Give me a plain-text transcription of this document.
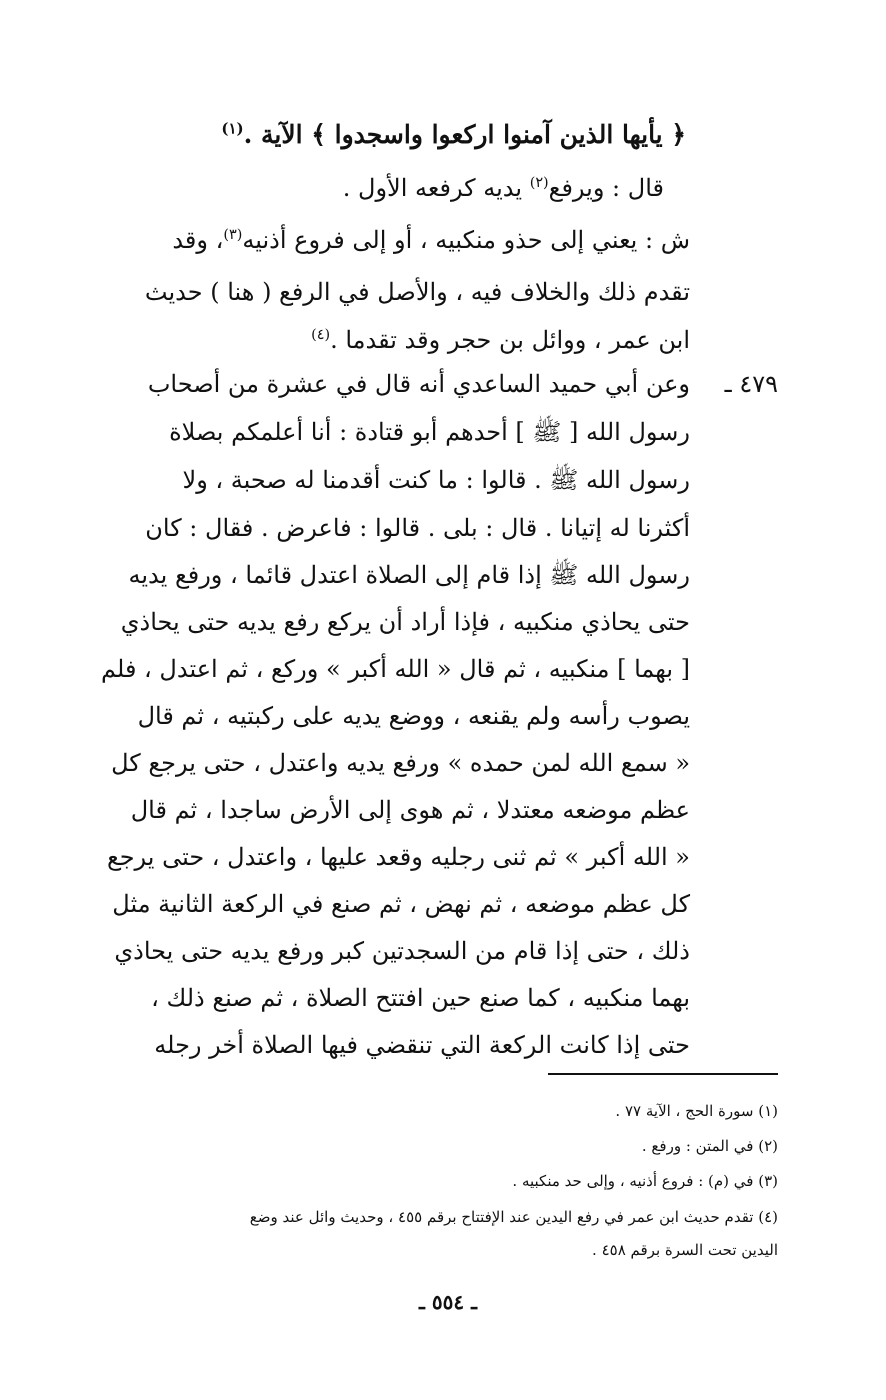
﴿ يأيها الذين آمنوا اركعوا واسجدوا ﴾ الآية .$^{(١)}$
قال : ويرفع$^{(٢)}$ يديه كرفعه الأول .
ش : يعني إلى حذو منكبيه ، أو إلى فروع أذنيه$^{(٣)}$، وقد
تقدم ذلك والخلاف فيه ، والأصل في الرفع ( هنا ) حديث
ابن عمر ، ووائل بن حجر وقد تقدما .$^{(٤)}$
٤٧٩ ـ
وعن أبي حميد الساعدي أنه قال في عشرة من أصحاب
رسول الله [ ﷺ ] أحدهم أبو قتادة : أنا أعلمكم بصلاة
رسول الله ﷺ . قالوا : ما كنت أقدمنا له صحبة ، ولا
أكثرنا له إتيانا . قال : بلى . قالوا : فاعرض . فقال : كان
رسول الله ﷺ إذا قام إلى الصلاة اعتدل قائما ، ورفع يديه
حتى يحاذي منكبيه ، فإذا أراد أن يركع رفع يديه حتى يحاذي
[ بهما ] منكبيه ، ثم قال « الله أكبر » وركع ، ثم اعتدل ، فلم
يصوب رأسه ولم يقنعه ، ووضع يديه على ركبتيه ، ثم قال
« سمع الله لمن حمده » ورفع يديه واعتدل ، حتى يرجع كل
عظم موضعه معتدلا ، ثم هوى إلى الأرض ساجدا ، ثم قال
« الله أكبر » ثم ثنى رجليه وقعد عليها ، واعتدل ، حتى يرجع
كل عظم موضعه ، ثم نهض ، ثم صنع في الركعة الثانية مثل
ذلك ، حتى إذا قام من السجدتين كبر ورفع يديه حتى يحاذي
بهما منكبيه ، كما صنع حين افتتح الصلاة ، ثم صنع ذلك ،
حتى إذا كانت الركعة التي تنقضي فيها الصلاة أخر رجله
(١) سورة الحج ، الآية ٧٧ .
(٢) في المتن : ورفع .
(٣) في (م) : فروع أذنيه ، وإلى حد منكبيه .
(٤) تقدم حديث ابن عمر في رفع اليدين عند الإفتتاح برقم ٤٥٥ ، وحديث وائل عند وضع
اليدين تحت السرة برقم ٤٥٨ .
ـ ٥٥٤ ـ
